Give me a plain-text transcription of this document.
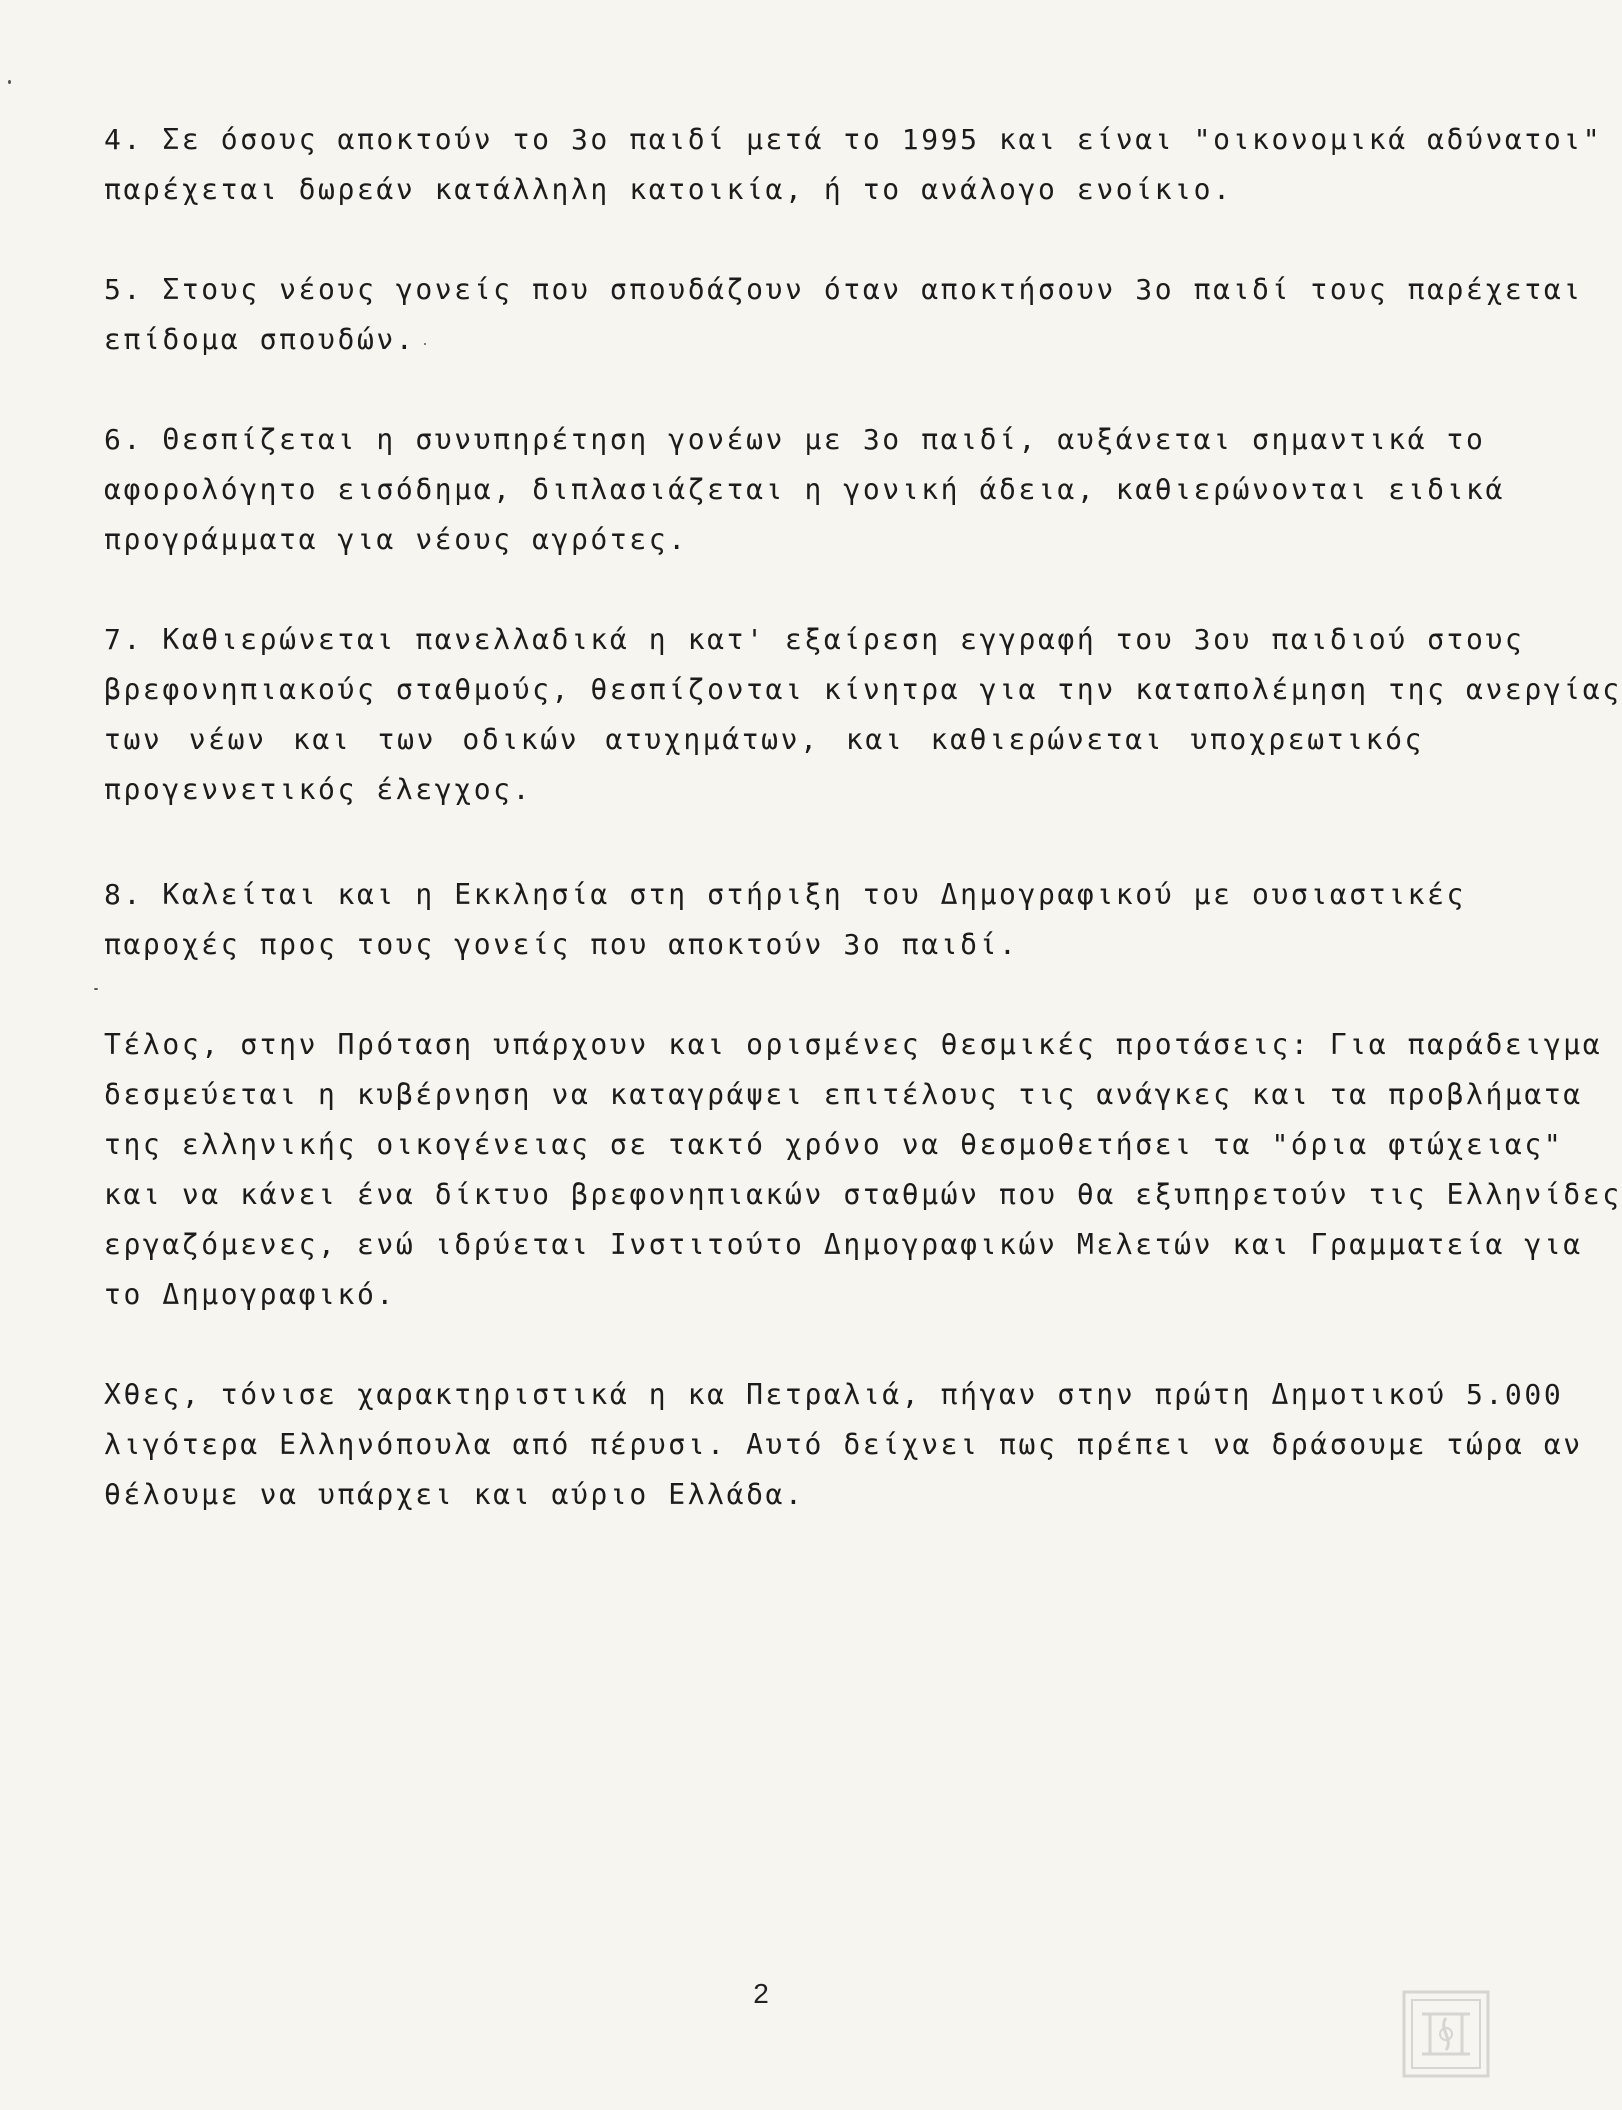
4. Σε όσους αποκτούν το 3ο παιδί μετά το 1995 και είναι "οικονομικά αδύνατοι"
παρέχεται δωρεάν κατάλληλη κατοικία, ή το ανάλογο ενοίκιο.

5. Στους νέους γονείς που σπουδάζουν όταν αποκτήσουν 3ο παιδί τους παρέχεται
επίδομα σπουδών.

6. Θεσπίζεται η συνυπηρέτηση γονέων με 3ο παιδί, αυξάνεται σημαντικά το
αφορολόγητο εισόδημα, διπλασιάζεται η γονική άδεια, καθιερώνονται ειδικά
προγράμματα για νέους αγρότες.

7. Καθιερώνεται πανελλαδικά η κατ' εξαίρεση εγγραφή του 3ου παιδιού στους
βρεφονηπιακούς σταθμούς, θεσπίζονται κίνητρα για την καταπολέμηση της ανεργίας
των νέων και των οδικών ατυχημάτων, και καθιερώνεται υποχρεωτικός
προγεννετικός έλεγχος.

8. Καλείται και η Εκκλησία στη στήριξη του Δημογραφικού με ουσιαστικές
παροχές προς τους γονείς που αποκτούν 3ο παιδί.

Τέλος, στην Πρόταση υπάρχουν και ορισμένες θεσμικές προτάσεις: Για παράδειγμα
δεσμεύεται η κυβέρνηση να καταγράψει επιτέλους τις ανάγκες και τα προβλήματα
της ελληνικής οικογένειας σε τακτό χρόνο να θεσμοθετήσει τα "όρια φτώχειας"
και να κάνει ένα δίκτυο βρεφονηπιακών σταθμών που θα εξυπηρετούν τις Ελληνίδες
εργαζόμενες, ενώ ιδρύεται Ινστιτούτο Δημογραφικών Μελετών και Γραμματεία για
το Δημογραφικό.

Χθες, τόνισε χαρακτηριστικά η κα Πετραλιά, πήγαν στην πρώτη Δημοτικού 5.000
λιγότερα Ελληνόπουλα από πέρυσι. Αυτό δείχνει πως πρέπει να δράσουμε τώρα αν
θέλουμε να υπάρχει και αύριο Ελλάδα.

2
